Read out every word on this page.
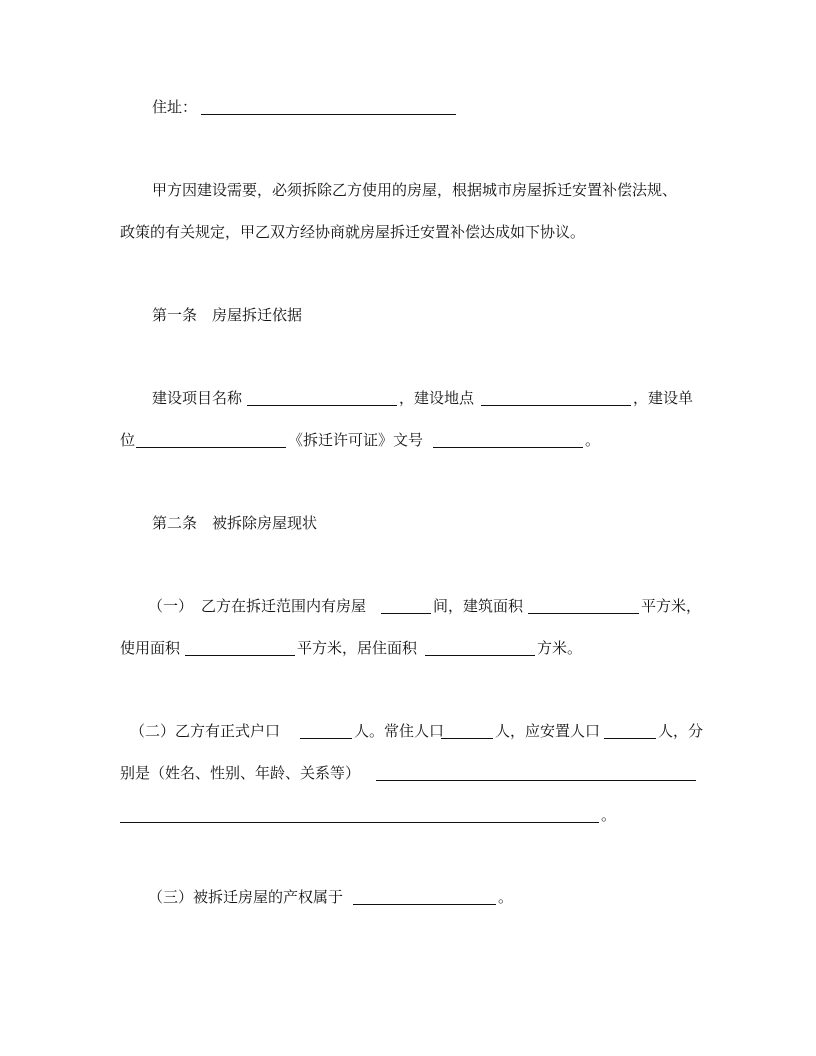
住址：
甲方因建设需要，必须拆除乙方使用的房屋，根据城市房屋拆迁安置补偿法规、
政策的有关规定，甲乙双方经协商就房屋拆迁安置补偿达成如下协议。
第一条　房屋拆迁依据
建设项目名称	，建设地点	，建设单
位	《拆迁许可证》文号	。
第二条　被拆除房屋现状
（一） 乙方在拆迁范围内有房屋	间，建筑面积	平方米，
使用面积	平方米，居住面积	方米。
（二）乙方有正式户口	人。常住人口	人，应安置人口	人，分
别是（姓名、性别、年龄、关系等）
。
（三）被拆迁房屋的产权属于	。
